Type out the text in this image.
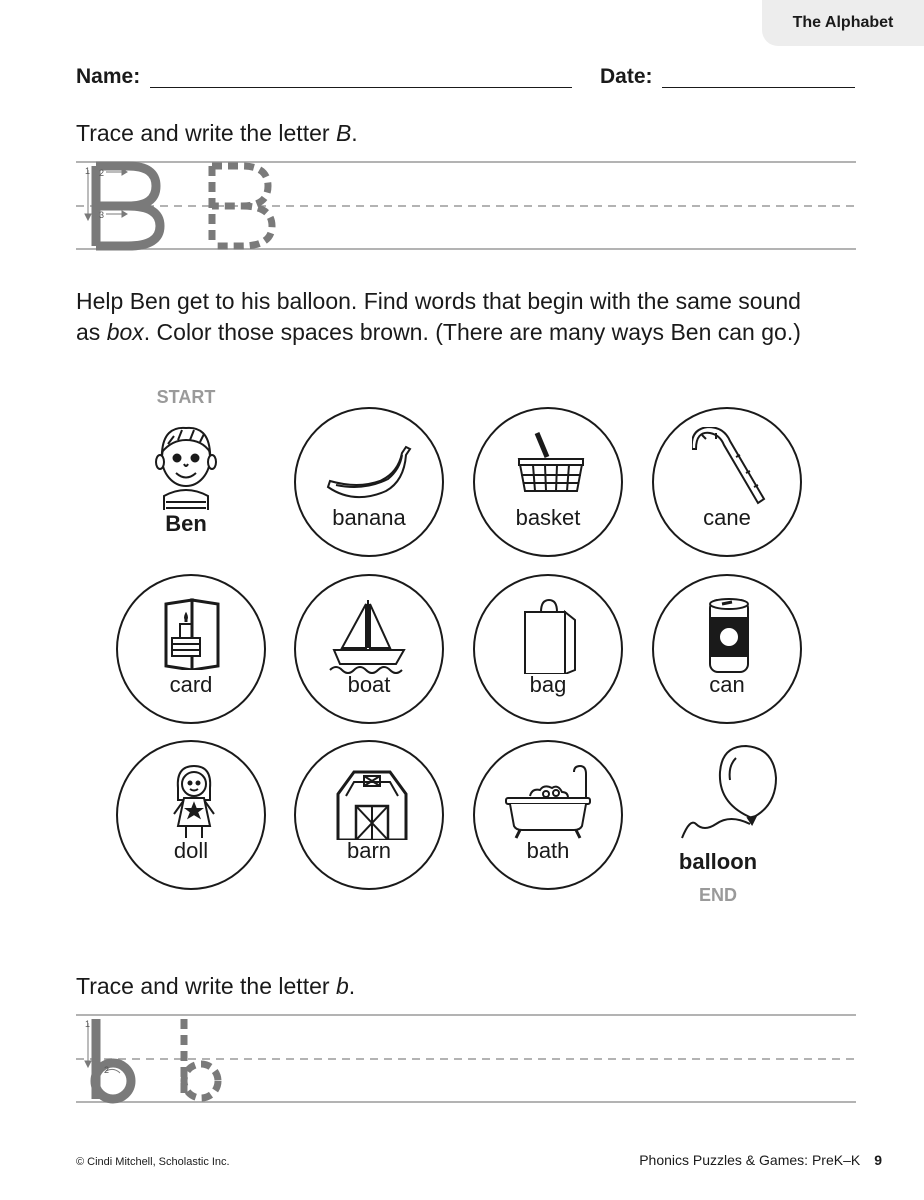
The Alphabet
Name:	Date:
Trace and write the letter B.
1 2
3
Help Ben get to his balloon. Find words that begin with the same sound
as box. Color those spaces brown. (There are many ways Ben can go.)
START
Ben	banana	basket	cane
card	boat	bag	can
doll	barn	bath	balloon
END
Trace and write the letter b.
1
2
© Cindi Mitchell, Scholastic Inc.	Phonics Puzzles & Games: PreK–K 9
